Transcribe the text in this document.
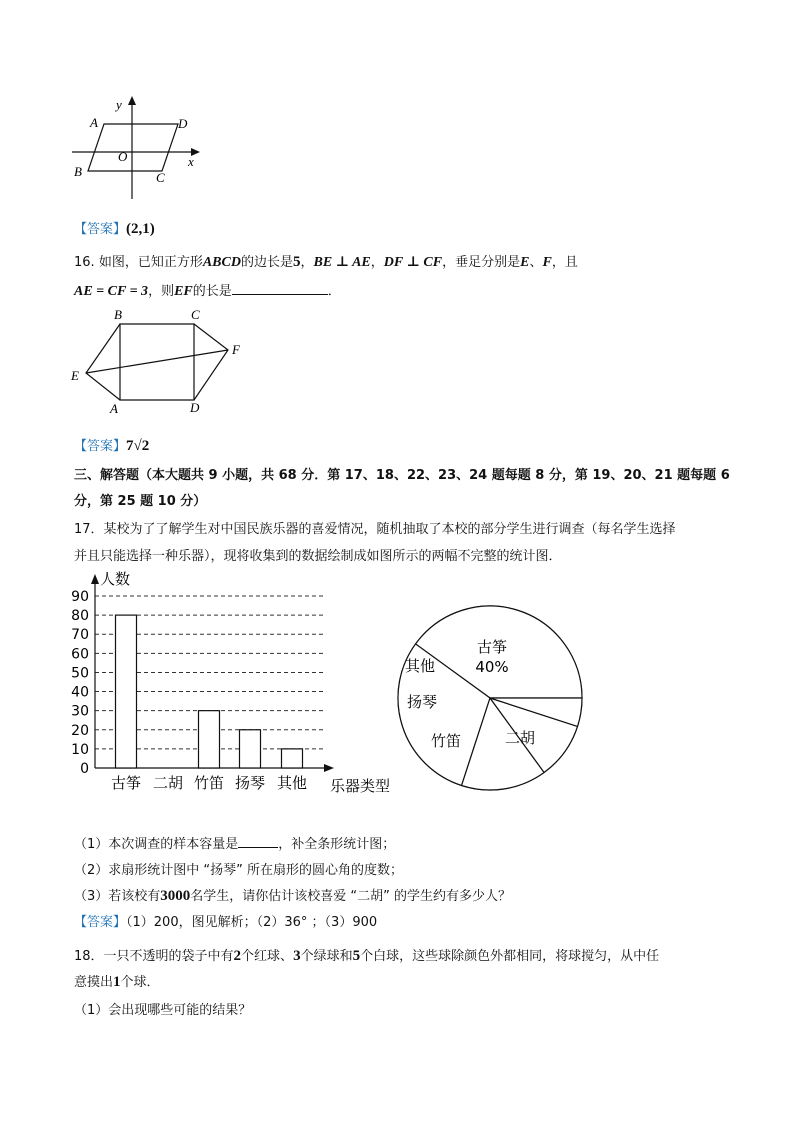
y
x
A	D
O
B	C
【答案】(2,1)
16. 如图，已知正方形ABCD的边长是5，BE ⊥ AE，DF ⊥ CF，垂足分别是E、F，且
AE = CF = 3，则EF的长是	．
B	C
E
F
A	D
【答案】7√2
三、解答题（本大题共 9 小题，共 68 分．第 17、18、22、23、24 题每题 8 分，第 19、20、21 题每题 6
分，第 25 题 10 分）
17．某校为了了解学生对中国民族乐器的喜爱情况，随机抽取了本校的部分学生进行调查（每名学生选择
并且只能选择一种乐器），现将收集到的数据绘制成如图所示的两幅不完整的统计图．
0
10
20
30
40
50
60
70
80
90
人数
乐器类型
古筝 二胡 竹笛 扬琴 其他
古筝
二胡
竹笛
扬琴
其他	40%
（1）本次调查的样本容量是	，补全条形统计图；
（2）求扇形统计图中 “扬琴” 所在扇形的圆心角的度数；
（3）若该校有3000名学生，请你估计该校喜爱 “二胡” 的学生约有多少人？
【答案】（1）200，图见解析；（2）36° ；（3）900
18．一只不透明的袋子中有2个红球、3个绿球和5个白球，这些球除颜色外都相同，将球搅匀，从中任
意摸出1个球．
（1）会出现哪些可能的结果？
